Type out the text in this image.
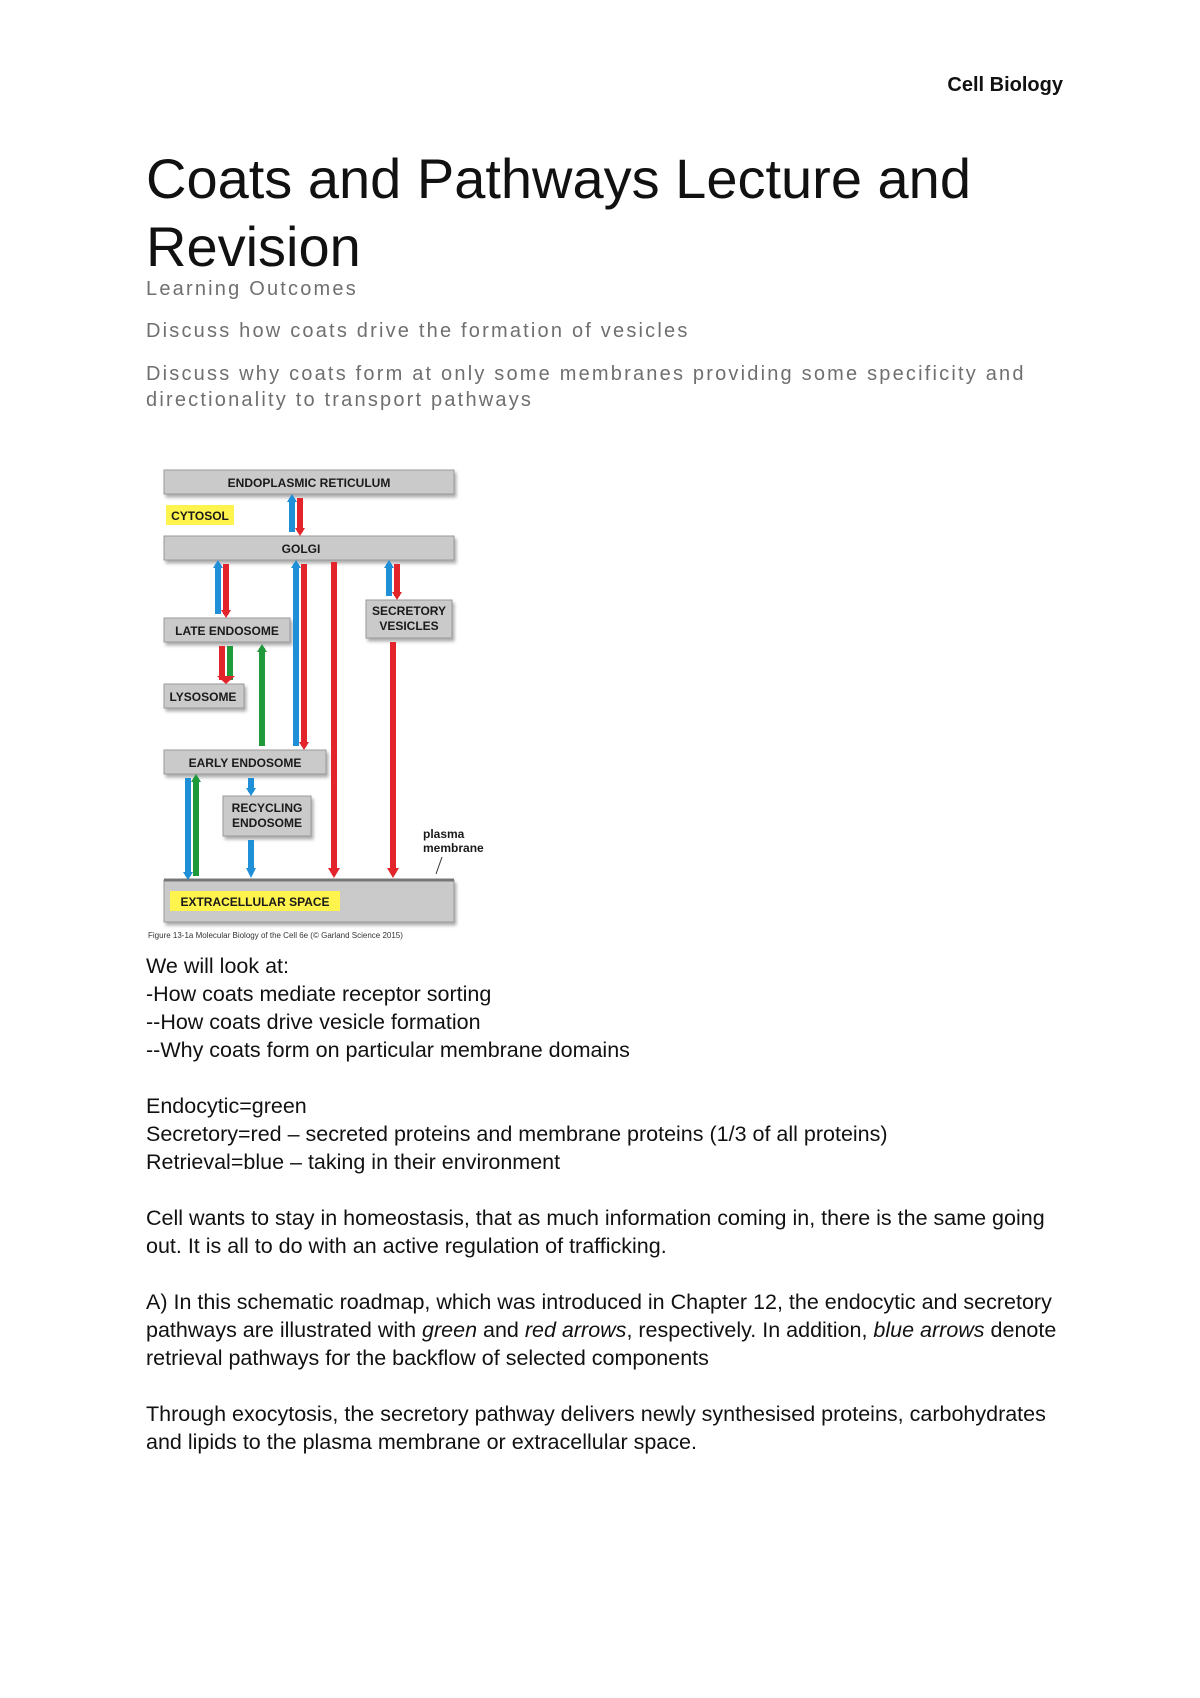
Cell Biology
Coats and Pathways Lecture and Revision

Learning Outcomes

Discuss how coats drive the formation of vesicles

Discuss why coats form at only some membranes providing some specificity and directionality to transport pathways

ENDOPLASMIC RETICULUM
CYTOSOL
GOLGI
LATE ENDOSOME
SECRETORY
VESICLES
LYSOSOME
EARLY ENDOSOME
RECYCLING
ENDOSOME
plasma
membrane
EXTRACELLULAR SPACE
Figure 13-1a Molecular Biology of the Cell 6e (© Garland Science 2015)

We will look at:

-How coats mediate receptor sorting

--How coats drive vesicle formation

--Why coats form on particular membrane domains

Endocytic=green

Secretory=red – secreted proteins and membrane proteins (1/3 of all proteins)

Retrieval=blue – taking in their environment

Cell wants to stay in homeostasis, that as much information coming in, there is the same going out. It is all to do with an active regulation of trafficking.

A) In this schematic roadmap, which was introduced in Chapter 12, the endocytic and secretory pathways are illustrated with green and red arrows, respectively. In addition, blue arrows denote retrieval pathways for the backflow of selected components

Through exocytosis, the secretory pathway delivers newly synthesised proteins, carbohydrates and lipids to the plasma membrane or extracellular space.
